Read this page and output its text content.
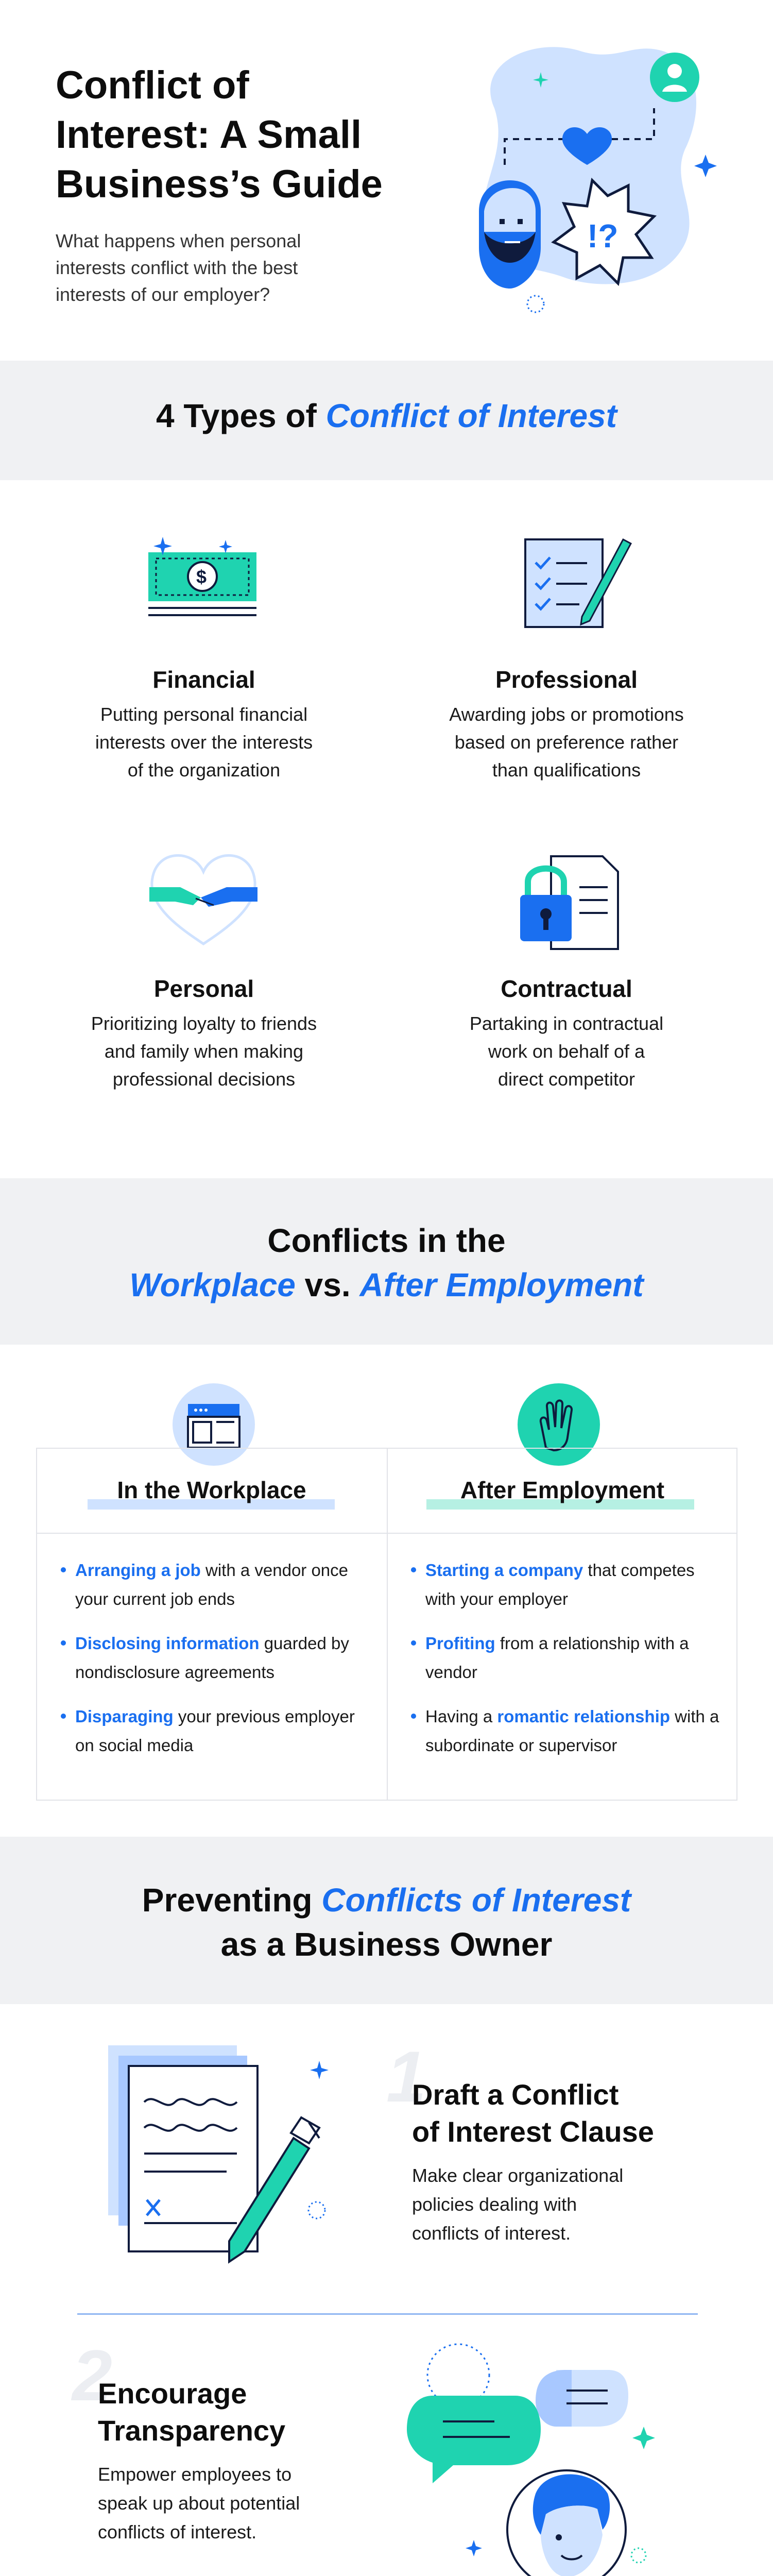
Conflict of
Interest: A Small
Business’s Guide
What happens when personal
interests conflict with the best
interests of our employer?
!?
4 Types of Conflict of Interest
$
Financial
Putting personal financial
interests over the interests
of the organization
Professional
Awarding jobs or promotions
based on preference rather
than qualifications
Personal
Prioritizing loyalty to friends
and family when making
professional decisions
Contractual
Partaking in contractual
work on behalf of a
direct competitor
Conflicts in the
Workplace vs. After Employment
In the Workplace	After Employment
Arranging a job with a vendor once your current job ends
Disclosing information guarded by nondisclosure agreements
Disparaging your previous employer on social media
Starting a company that competes with your employer
Profiting from a relationship with a vendor
Having a romantic relationship with a subordinate or supervisor
Preventing Conflicts of Interest
as a Business Owner
1
Draft a Conflict
of Interest Clause
Make clear organizational
policies dealing with
conflicts of interest.
2
Encourage
Transparency
Empower employees to
speak up about potential
conflicts of interest.
